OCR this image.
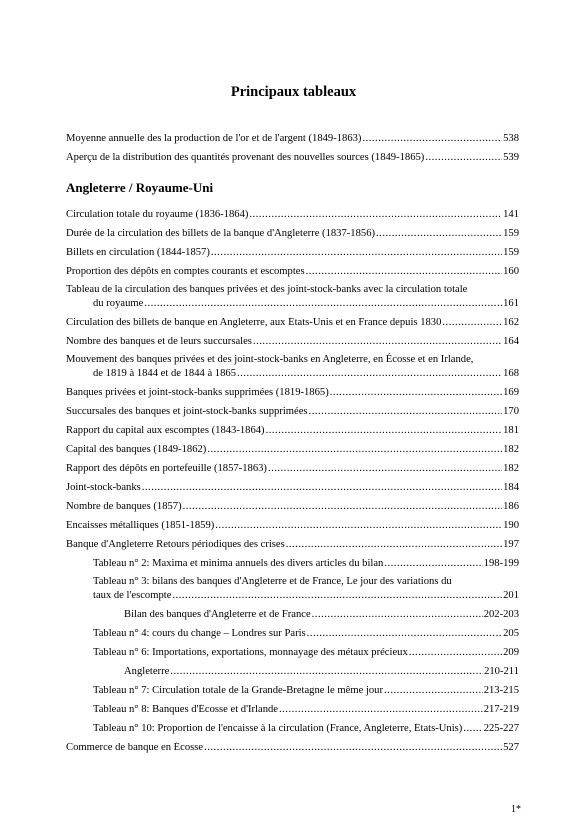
Principaux tableaux
Moyenne annuelle des la production de l'or et de l'argent (1849-1863) .....	538
Aperçu de la distribution des quantités provenant des nouvelles sources (1849-1865) .....	539
Angleterre / Royaume-Uni
Circulation totale du royaume (1836-1864) .....	141
Durée de la circulation des billets de la banque d'Angleterre (1837-1856) .....	159
Billets en circulation (1844-1857) .....	159
Proportion des dépôts en comptes courants et escomptes .....	160
Tableau de la circulation des banques privées et des joint-stock-banks avec la circulation totale
du royaume .....	161
Circulation des billets de banque en Angleterre, aux États-Unis et en France depuis 1830 .....	162
Nombre des banques et de leurs succursales .....	164
Mouvement des banques privées et des joint-stock-banks en Angleterre, en Écosse et en Irlande,
de 1819 à 1844 et de 1844 à 1865 .....	168
Banques privées et joint-stock-banks supprimées (1819-1865) .....	169
Succursales des banques et joint-stock-banks supprimées .....	170
Rapport du capital aux escomptes (1843-1864) .....	181
Capital des banques (1849-1862) .....	182
Rapport des dépôts en portefeuille (1857-1863) .....	182
Joint-stock-banks .....	184
Nombre de banques (1857) .....	186
Encaisses métalliques (1851-1859) .....	190
Banque d'Angleterre Retours périodiques des crises .....	197
Tableau n° 2: Maxima et minima annuels des divers articles du bilan .....	198-199
Tableau n° 3: bilans des banques d'Angleterre et de France, Le jour des variations du
taux de l'escompte .....	201
Bilan des banques d'Angleterre et de France .....	202-203
Tableau n° 4: cours du change – Londres sur Paris .....	205
Tableau n° 6: Importations, exportations, monnayage des métaux précieux .....	209
Angleterre .....	210-211
Tableau n° 7: Circulation totale de la Grande-Bretagne le même jour .....	213-215
Tableau n° 8: Banques d'Écosse et d'Irlande .....	217-219
Tableau n° 10: Proportion de l'encaisse à la circulation (France, Angleterre, États-Unis) ..... 225-227
Commerce de banque en Écosse .....	527
1*
